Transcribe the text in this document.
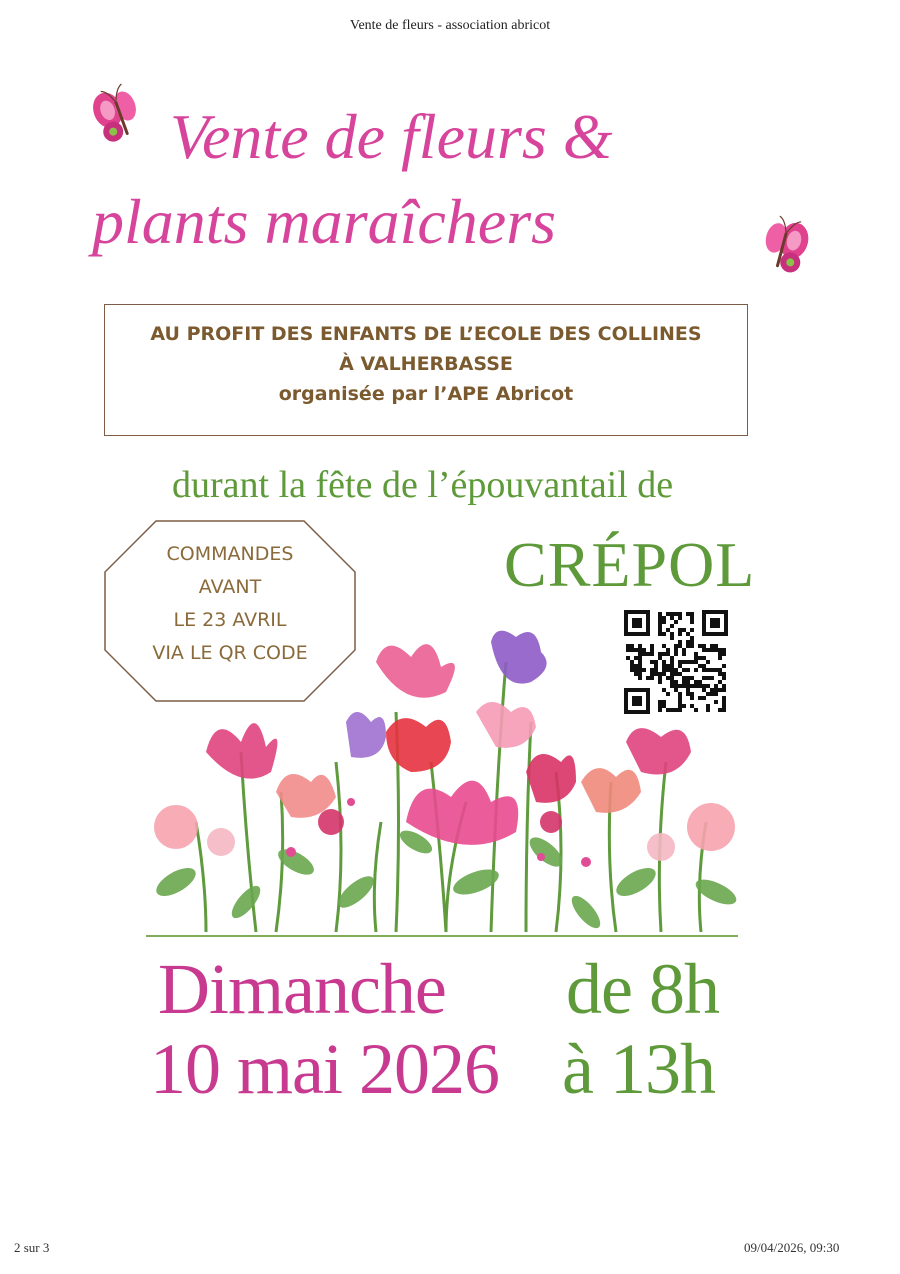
Vente de fleurs - association abricot
Vente de fleurs &
plants maraîchers
AU PROFIT DES ENFANTS DE L’ECOLE DES COLLINES
À VALHERBASSE
organisée par l’APE Abricot
durant la fête de l’épouvantail de
CRÉPOL
COMMANDES
AVANT
LE 23 AVRIL
VIA LE QR CODE
Dimanche
10 mai 2026
de 8h
à 13h
2 sur 3	09/04/2026, 09:30
